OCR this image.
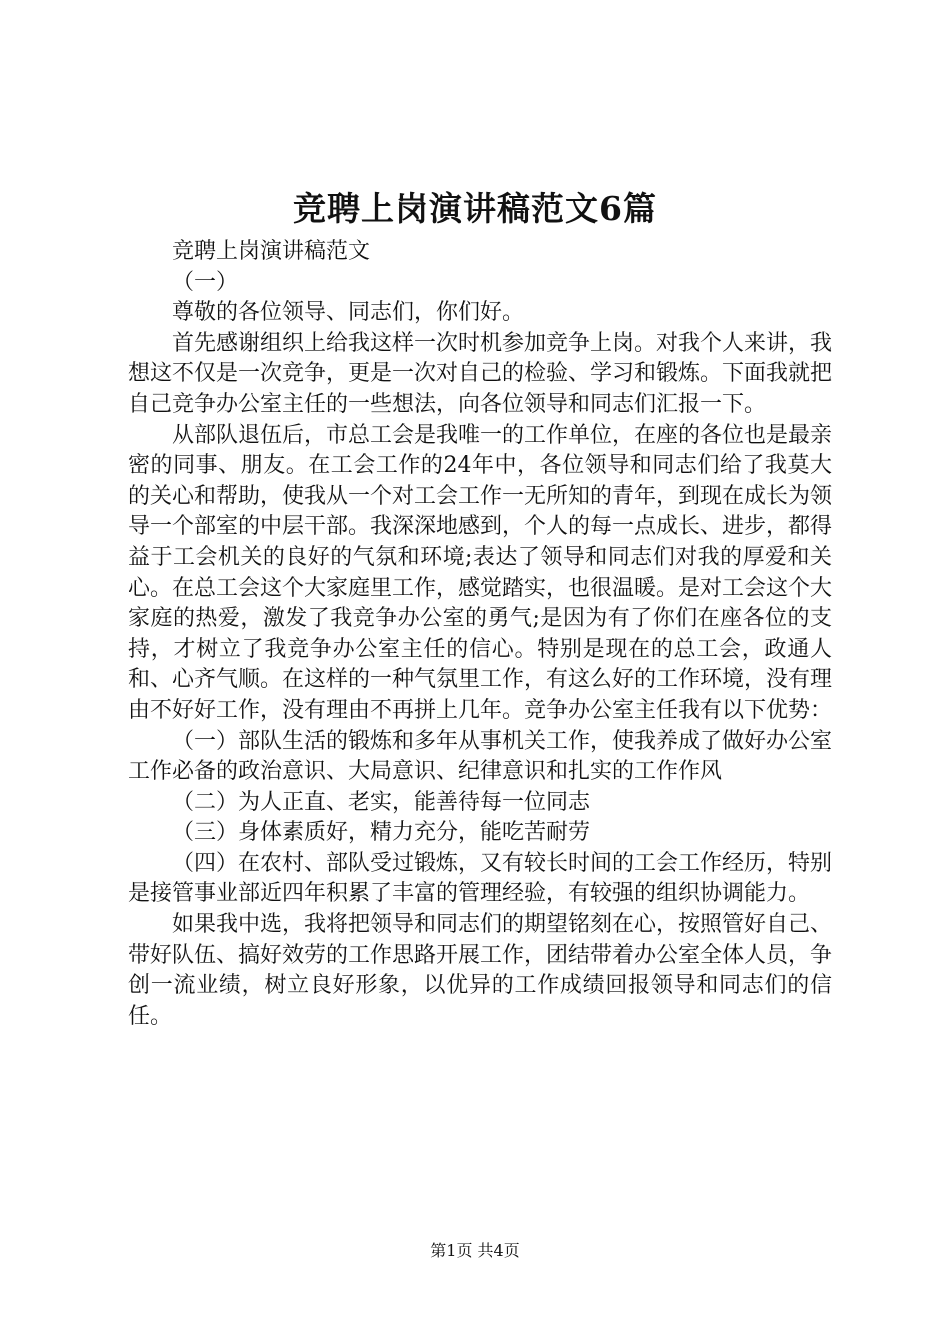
竞聘上岗演讲稿范文6篇

竞聘上岗演讲稿范文

（一）

尊敬的各位领导、同志们，你们好。

首先感谢组织上给我这样一次时机参加竞争上岗。对我个人来讲，我想这不仅是一次竞争，更是一次对自己的检验、学习和锻炼。下面我就把自己竞争办公室主任的一些想法，向各位领导和同志们汇报一下。

从部队退伍后，市总工会是我唯一的工作单位，在座的各位也是最亲密的同事、朋友。在工会工作的24年中，各位领导和同志们给了我莫大的关心和帮助，使我从一个对工会工作一无所知的青年，到现在成长为领导一个部室的中层干部。我深深地感到，个人的每一点成长、进步，都得益于工会机关的良好的气氛和环境;表达了领导和同志们对我的厚爱和关心。在总工会这个大家庭里工作，感觉踏实，也很温暖。是对工会这个大家庭的热爱，激发了我竞争办公室的勇气;是因为有了你们在座各位的支持，才树立了我竞争办公室主任的信心。特别是现在的总工会，政通人和、心齐气顺。在这样的一种气氛里工作，有这么好的工作环境，没有理由不好好工作，没有理由不再拼上几年。竞争办公室主任我有以下优势：

（一）部队生活的锻炼和多年从事机关工作，使我养成了做好办公室工作必备的政治意识、大局意识、纪律意识和扎实的工作作风

（二）为人正直、老实，能善待每一位同志

（三）身体素质好，精力充分，能吃苦耐劳

（四）在农村、部队受过锻炼，又有较长时间的工会工作经历，特别是接管事业部近四年积累了丰富的管理经验，有较强的组织协调能力。

如果我中选，我将把领导和同志们的期望铭刻在心，按照管好自己、带好队伍、搞好效劳的工作思路开展工作，团结带着办公室全体人员，争创一流业绩，树立良好形象，以优异的工作成绩回报领导和同志们的信任。

第1页 共4页
